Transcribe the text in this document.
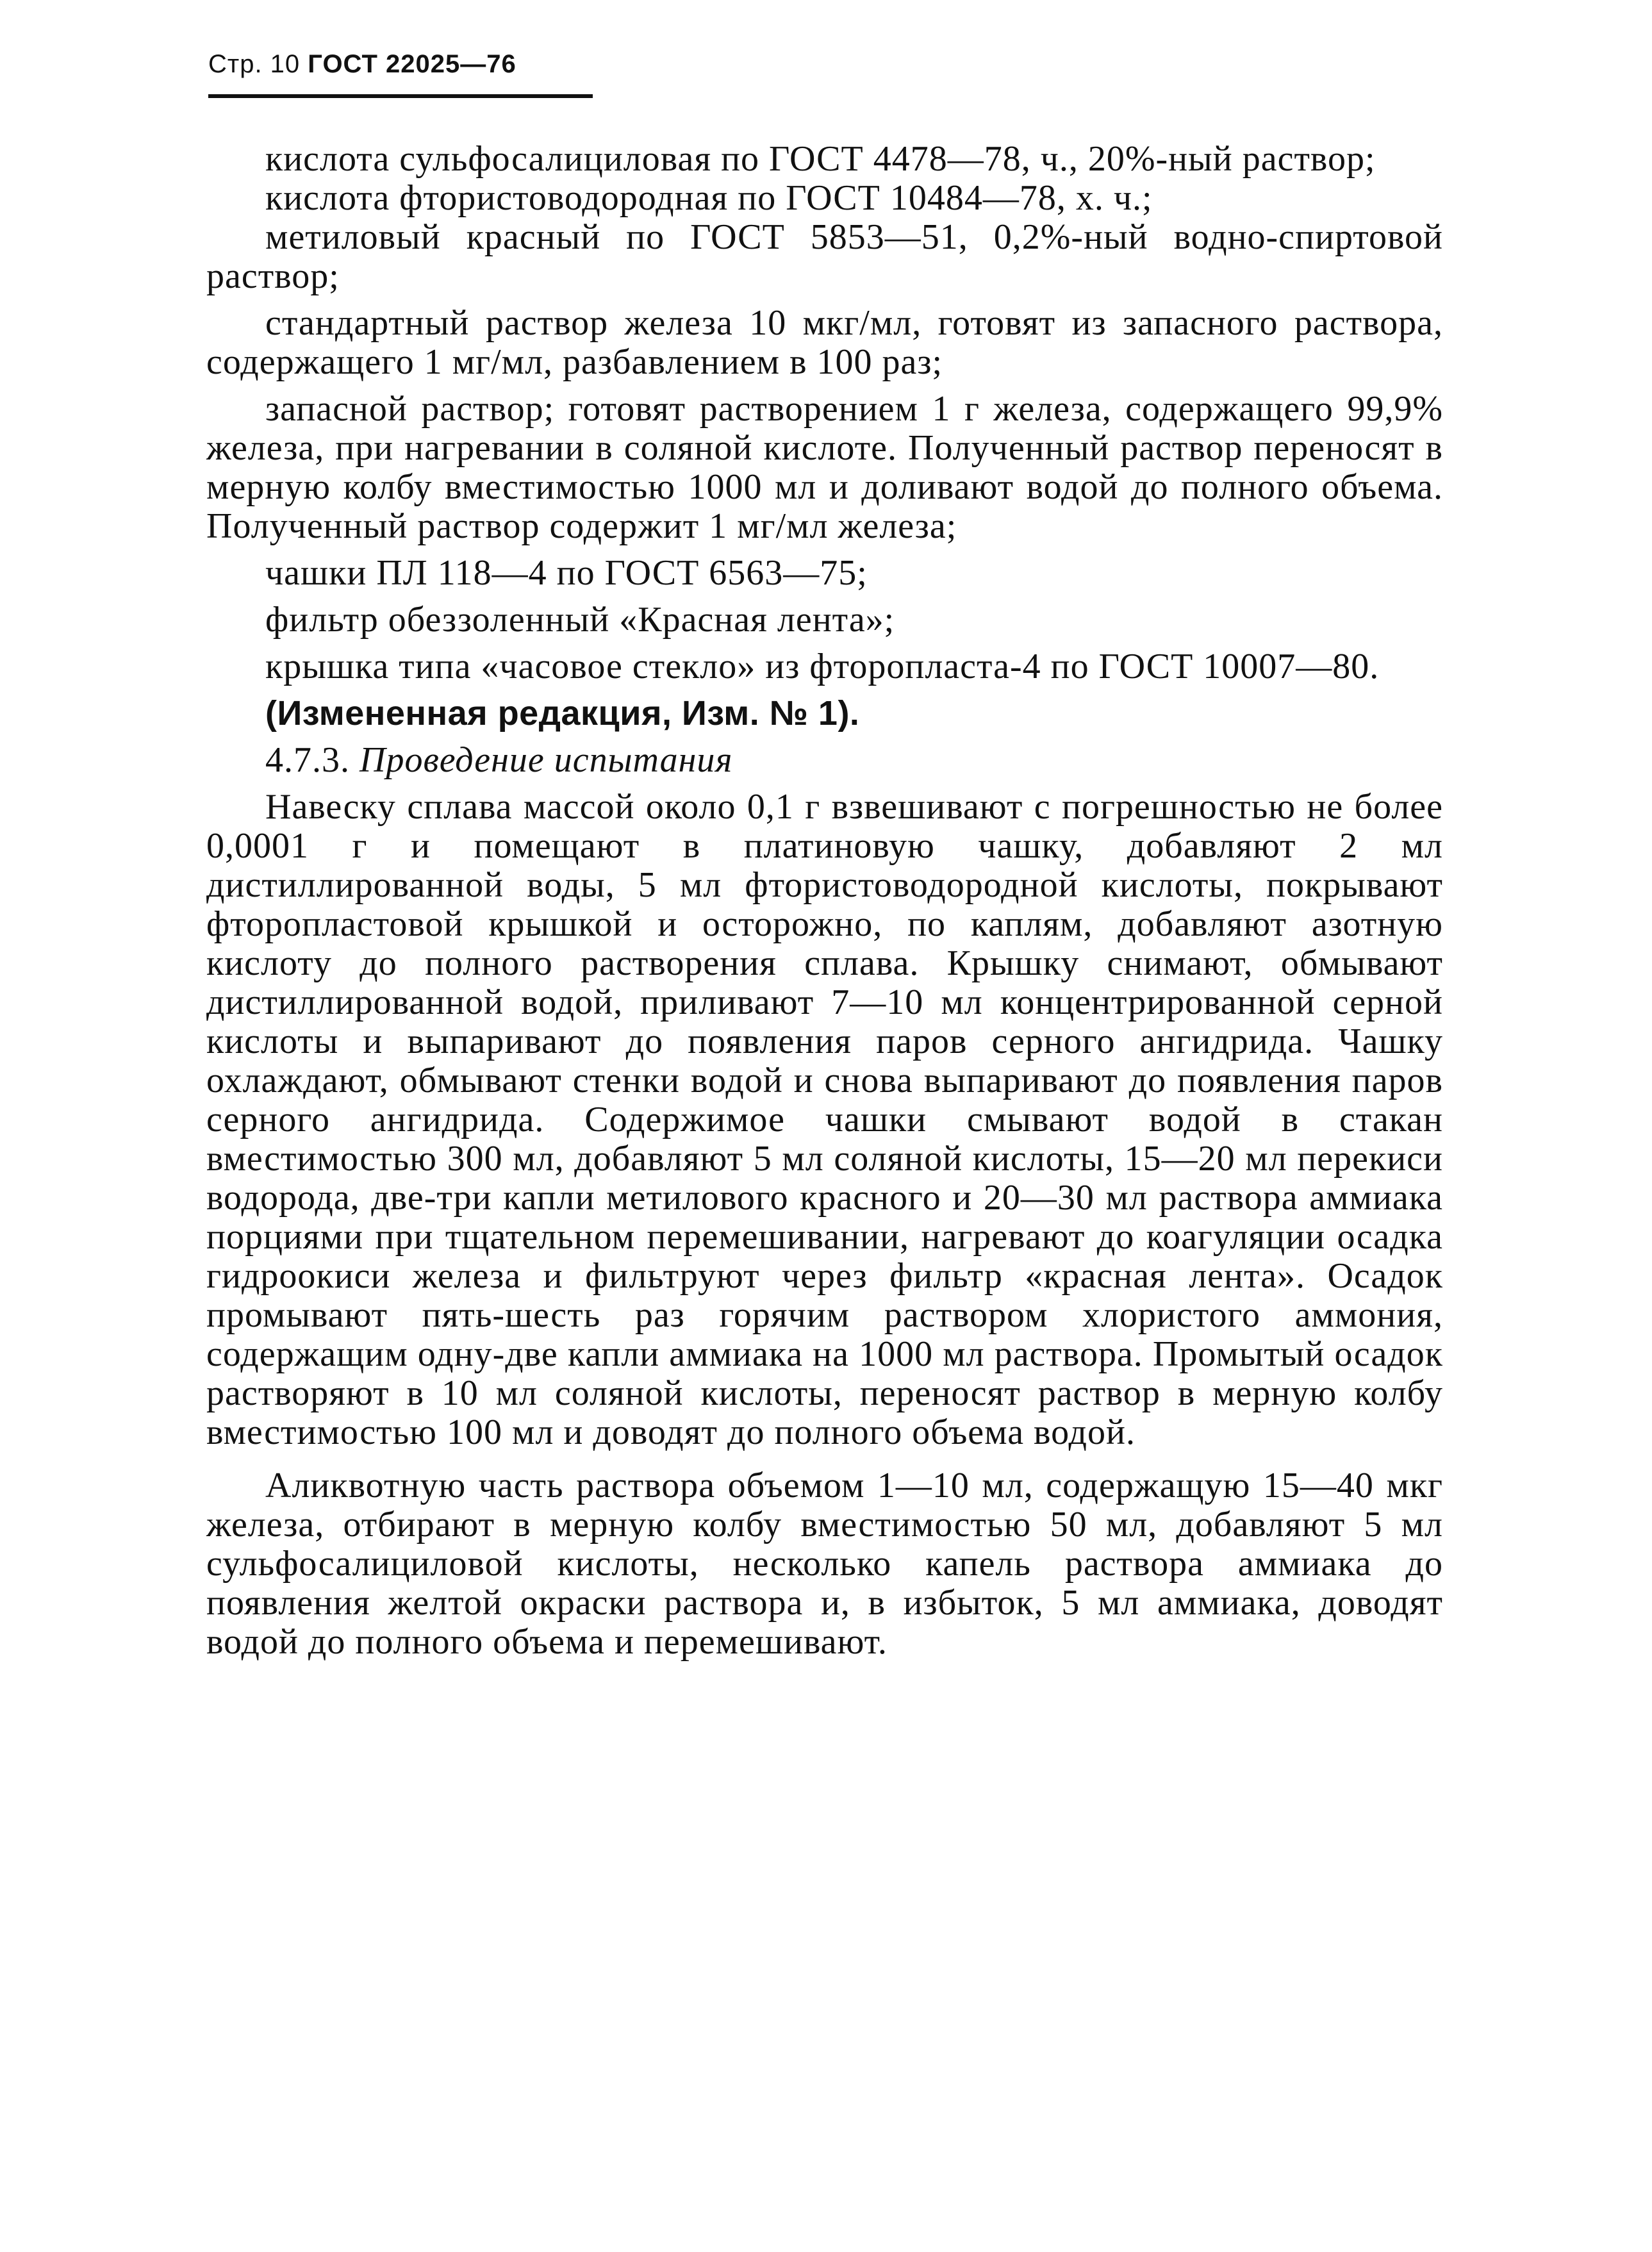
Стр. 10 ГОСТ 22025—76

кислота сульфосалициловая по ГОСТ 4478—78, ч., 20%-ный раствор;

кислота фтористоводородная по ГОСТ 10484—78, х. ч.;

метиловый красный по ГОСТ 5853—51, 0,2%-ный водно-спиртовой раствор;

стандартный раствор железа 10 мкг/мл, готовят из запасного раствора, содержащего 1 мг/мл, разбавлением в 100 раз;

запасной раствор; готовят растворением 1 г железа, содержащего 99,9% железа, при нагревании в соляной кислоте. Полученный раствор переносят в мерную колбу вместимостью 1000 мл и доливают водой до полного объема. Полученный раствор содержит 1 мг/мл железа;

чашки ПЛ 118—4 по ГОСТ 6563—75;

фильтр обеззоленный «Красная лента»;

крышка типа «часовое стекло» из фторопласта-4 по ГОСТ 10007—80.

(Измененная редакция, Изм. № 1).

4.7.3. Проведение испытания

Навеску сплава массой около 0,1 г взвешивают с погрешностью не более 0,0001 г и помещают в платиновую чашку, добавляют 2 мл дистиллированной воды, 5 мл фтористоводородной кислоты, покрывают фторопластовой крышкой и осторожно, по каплям, добавляют азотную кислоту до полного растворения сплава. Крышку снимают, обмывают дистиллированной водой, приливают 7—10 мл концентрированной серной кислоты и выпаривают до появления паров серного ангидрида. Чашку охлаждают, обмывают стенки водой и снова выпаривают до появления паров серного ангидрида. Содержимое чашки смывают водой в стакан вместимостью 300 мл, добавляют 5 мл соляной кислоты, 15—20 мл перекиси водорода, две-три капли метилового красного и 20—30 мл раствора аммиака порциями при тщательном перемешивании, нагревают до коагуляции осадка гидроокиси железа и фильтруют через фильтр «красная лента». Осадок промывают пять-шесть раз горячим раствором хлористого аммония, содержащим одну-две капли аммиака на 1000 мл раствора. Промытый осадок растворяют в 10 мл соляной кислоты, переносят раствор в мерную колбу вместимостью 100 мл и доводят до полного объема водой.

Аликвотную часть раствора объемом 1—10 мл, содержащую 15—40 мкг железа, отбирают в мерную колбу вместимостью 50 мл, добавляют 5 мл сульфосалициловой кислоты, несколько капель раствора аммиака до появления желтой окраски раствора и, в избыток, 5 мл аммиака, доводят водой до полного объема и перемешивают.
